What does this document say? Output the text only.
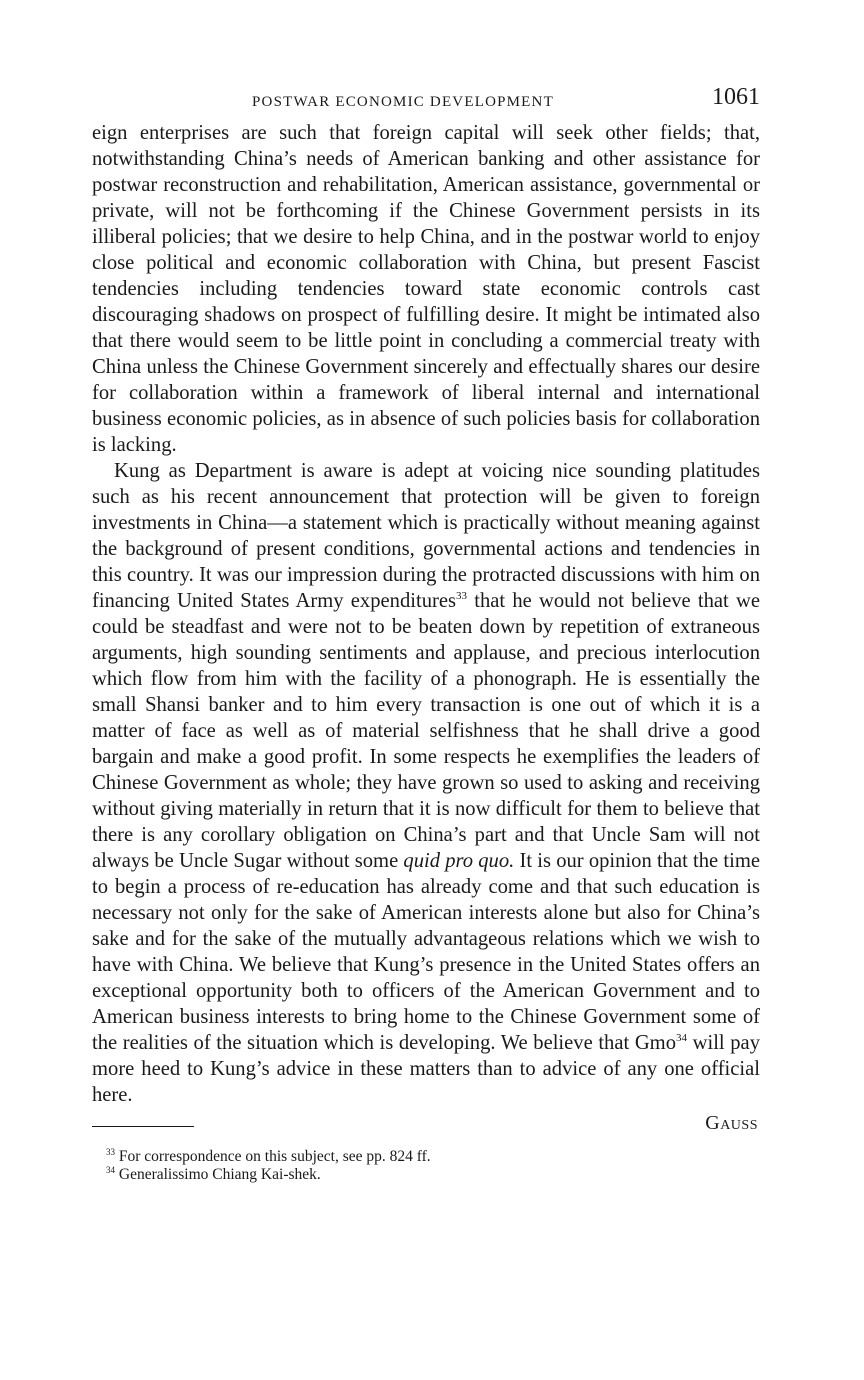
POSTWAR ECONOMIC DEVELOPMENT	1061

eign enterprises are such that foreign capital will seek other fields; that, notwithstanding China’s needs of American banking and other assistance for postwar reconstruction and rehabilitation, American assistance, governmental or private, will not be forthcoming if the Chinese Government persists in its illiberal policies; that we desire to help China, and in the postwar world to enjoy close political and economic collaboration with China, but present Fascist tendencies including tendencies toward state economic controls cast discouraging shadows on prospect of fulfilling desire. It might be intimated also that there would seem to be little point in concluding a commercial treaty with China unless the Chinese Government sincerely and effectually shares our desire for collaboration within a framework of liberal internal and international business economic policies, as in absence of such policies basis for collaboration is lacking.

Kung as Department is aware is adept at voicing nice sounding platitudes such as his recent announcement that protection will be given to foreign investments in China—a statement which is practically without meaning against the background of present conditions, governmental actions and tendencies in this country. It was our impression during the protracted discussions with him on financing United States Army expenditures$^{33}$ that he would not believe that we could be steadfast and were not to be beaten down by repetition of extraneous arguments, high sounding sentiments and applause, and precious interlocution which flow from him with the facility of a phonograph. He is essentially the small Shansi banker and to him every transaction is one out of which it is a matter of face as well as of material selfishness that he shall drive a good bargain and make a good profit. In some respects he exemplifies the leaders of Chinese Government as whole; they have grown so used to asking and receiving without giving materially in return that it is now difficult for them to believe that there is any corollary obligation on China’s part and that Uncle Sam will not always be Uncle Sugar without some quid pro quo. It is our opinion that the time to begin a process of re-education has already come and that such education is necessary not only for the sake of American interests alone but also for China’s sake and for the sake of the mutually advantageous relations which we wish to have with China. We believe that Kung’s presence in the United States offers an exceptional opportunity both to officers of the American Government and to American business interests to bring home to the Chinese Government some of the realities of the situation which is developing. We believe that Gmo$^{34}$ will pay more heed to Kung’s advice in these matters than to advice of any one official here.

Gauss
$^{33}$ For correspondence on this subject, see pp. 824 ff.
$^{34}$ Generalissimo Chiang Kai-shek.
